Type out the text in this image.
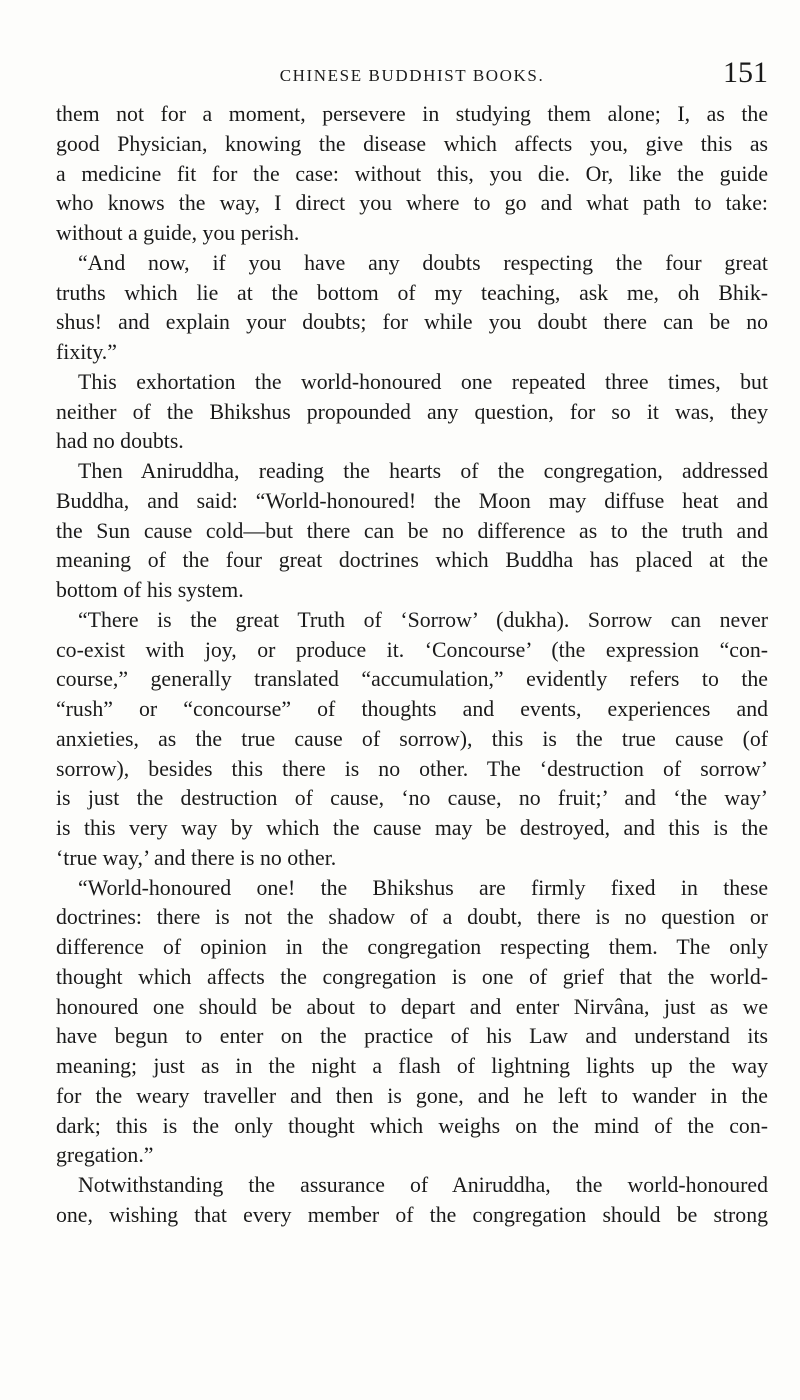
CHINESE BUDDHIST BOOKS.	151
them not for a moment, persevere in studying them alone; I, as the
good Physician, knowing the disease which affects you, give this as
a medicine fit for the case: without this, you die. Or, like the guide
who knows the way, I direct you where to go and what path to take:
without a guide, you perish.
“And now, if you have any doubts respecting the four great
truths which lie at the bottom of my teaching, ask me, oh Bhik-
shus! and explain your doubts; for while you doubt there can be no
fixity.”
This exhortation the world-honoured one repeated three times, but
neither of the Bhikshus propounded any question, for so it was, they
had no doubts.
Then Aniruddha, reading the hearts of the congregation, addressed
Buddha, and said: “World-honoured! the Moon may diffuse heat and
the Sun cause cold—but there can be no difference as to the truth and
meaning of the four great doctrines which Buddha has placed at the
bottom of his system.
“There is the great Truth of ‘Sorrow’ (dukha). Sorrow can never
co-exist with joy, or produce it. ‘Concourse’ (the expression “con-
course,” generally translated “accumulation,” evidently refers to the
“rush” or “concourse” of thoughts and events, experiences and
anxieties, as the true cause of sorrow), this is the true cause (of
sorrow), besides this there is no other. The ‘destruction of sorrow’
is just the destruction of cause, ‘no cause, no fruit;’ and ‘the way’
is this very way by which the cause may be destroyed, and this is the
‘true way,’ and there is no other.
“World-honoured one! the Bhikshus are firmly fixed in these
doctrines: there is not the shadow of a doubt, there is no question or
difference of opinion in the congregation respecting them. The only
thought which affects the congregation is one of grief that the world-
honoured one should be about to depart and enter Nirvâna, just as we
have begun to enter on the practice of his Law and understand its
meaning; just as in the night a flash of lightning lights up the way
for the weary traveller and then is gone, and he left to wander in the
dark; this is the only thought which weighs on the mind of the con-
gregation.”
Notwithstanding the assurance of Aniruddha, the world-honoured
one, wishing that every member of the congregation should be strong
